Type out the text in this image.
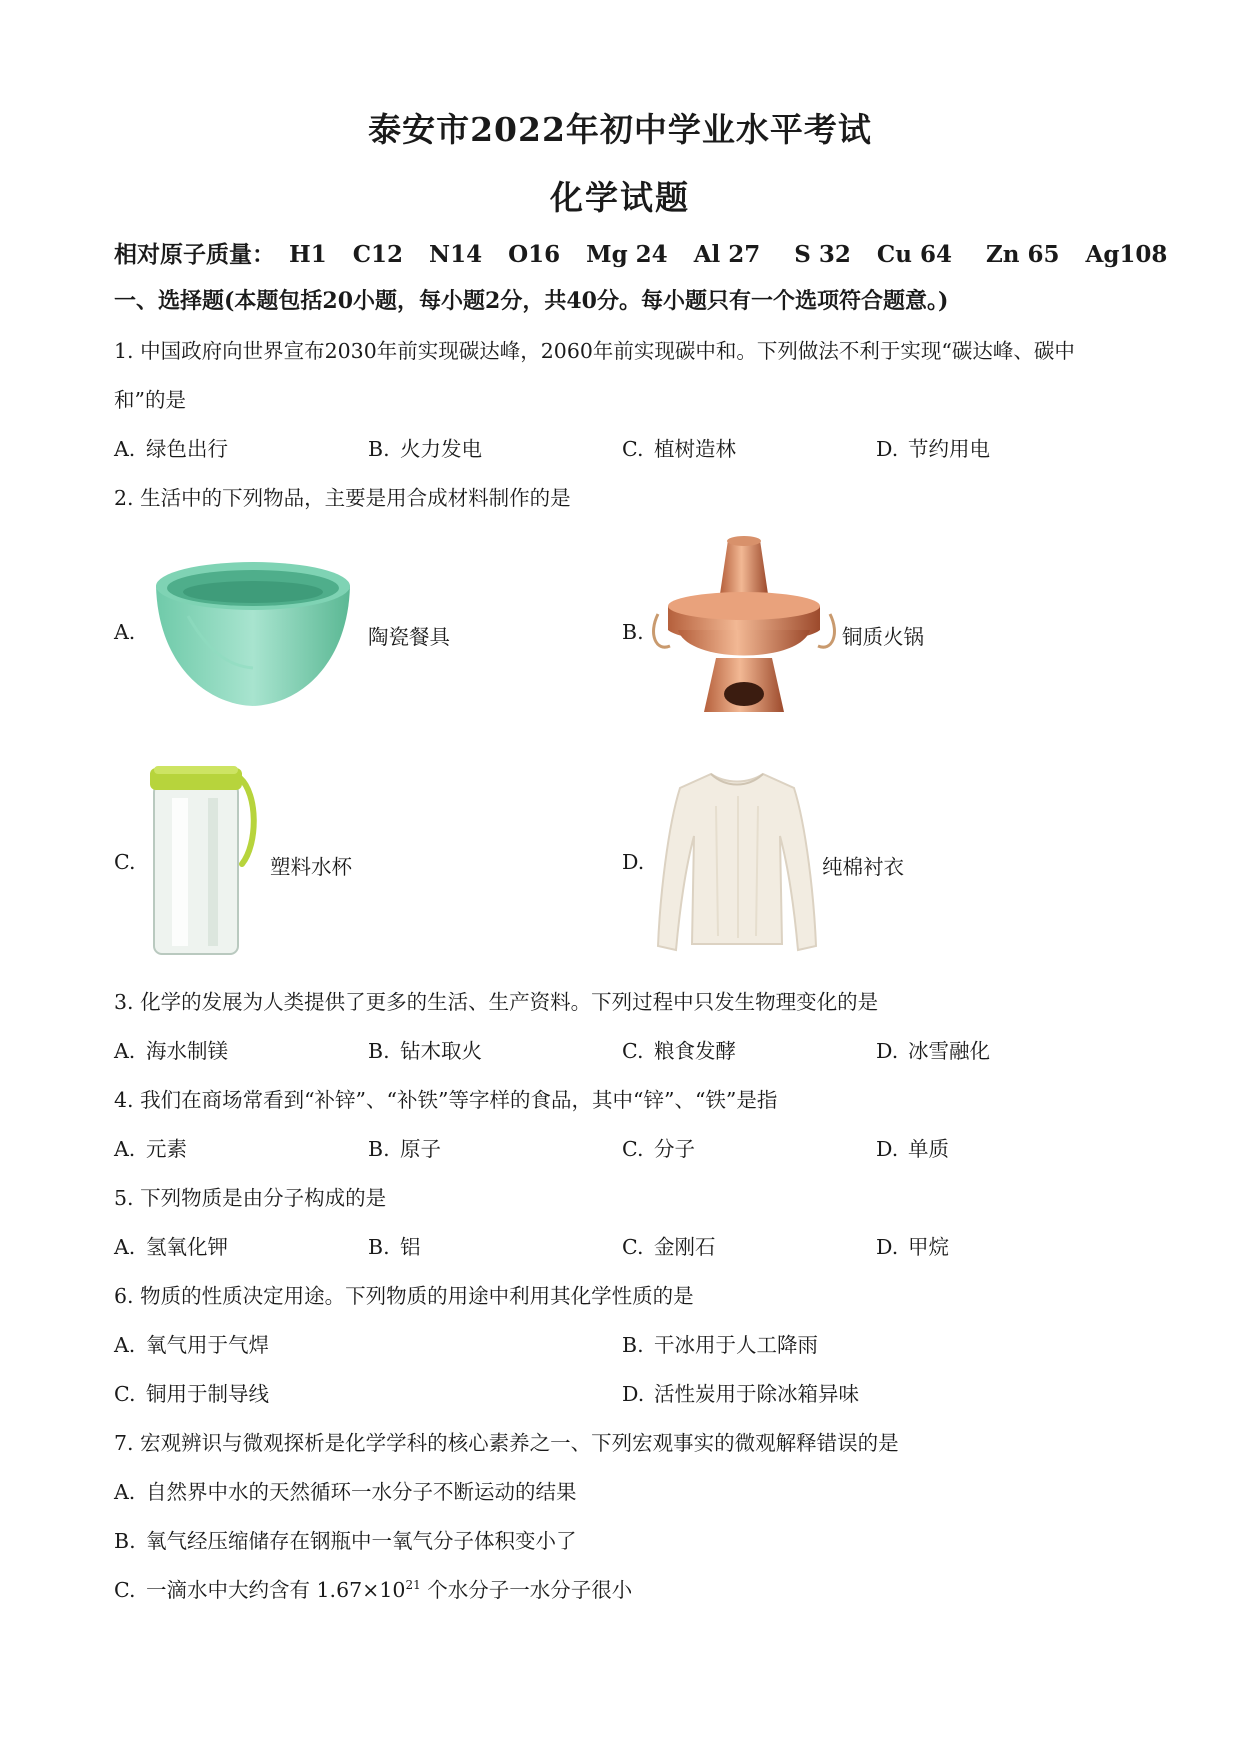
泰安市2022年初中学业水平考试
化学试题
相对原子质量： H1 C12 N14 O16 Mg 24 Al 27 S 32 Cu 64 Zn 65 Ag108
一、选择题(本题包括20小题，每小题2分，共40分。每小题只有一个选项符合题意。)
1. 中国政府向世界宣布2030年前实现碳达峰，2060年前实现碳中和。下列做法不利于实现“碳达峰、碳中
和”的是
A. 绿色出行	B. 火力发电	C. 植树造林	D. 节约用电
2. 生活中的下列物品，主要是用合成材料制作的是
A.	陶瓷餐具	B.	铜质火锅
C.	塑料水杯	D.	纯棉衬衣
3. 化学的发展为人类提供了更多的生活、生产资料。下列过程中只发生物理变化的是
A. 海水制镁	B. 钻木取火	C. 粮食发酵	D. 冰雪融化
4. 我们在商场常看到“补锌”、“补铁”等字样的食品，其中“锌”、“铁”是指
A. 元素	B. 原子	C. 分子	D. 单质
5. 下列物质是由分子构成的是
A. 氢氧化钾	B. 铝	C. 金刚石	D. 甲烷
6. 物质的性质决定用途。下列物质的用途中利用其化学性质的是
A. 氧气用于气焊	B. 干冰用于人工降雨
C. 铜用于制导线	D. 活性炭用于除冰箱异味
7. 宏观辨识与微观探析是化学学科的核心素养之一、下列宏观事实的微观解释错误的是
A. 自然界中水的天然循环一水分子不断运动的结果
B. 氧气经压缩储存在钢瓶中一氧气分子体积变小了
C. 一滴水中大约含有 $1.67\times 10^{21}$ 个水分子一水分子很小
